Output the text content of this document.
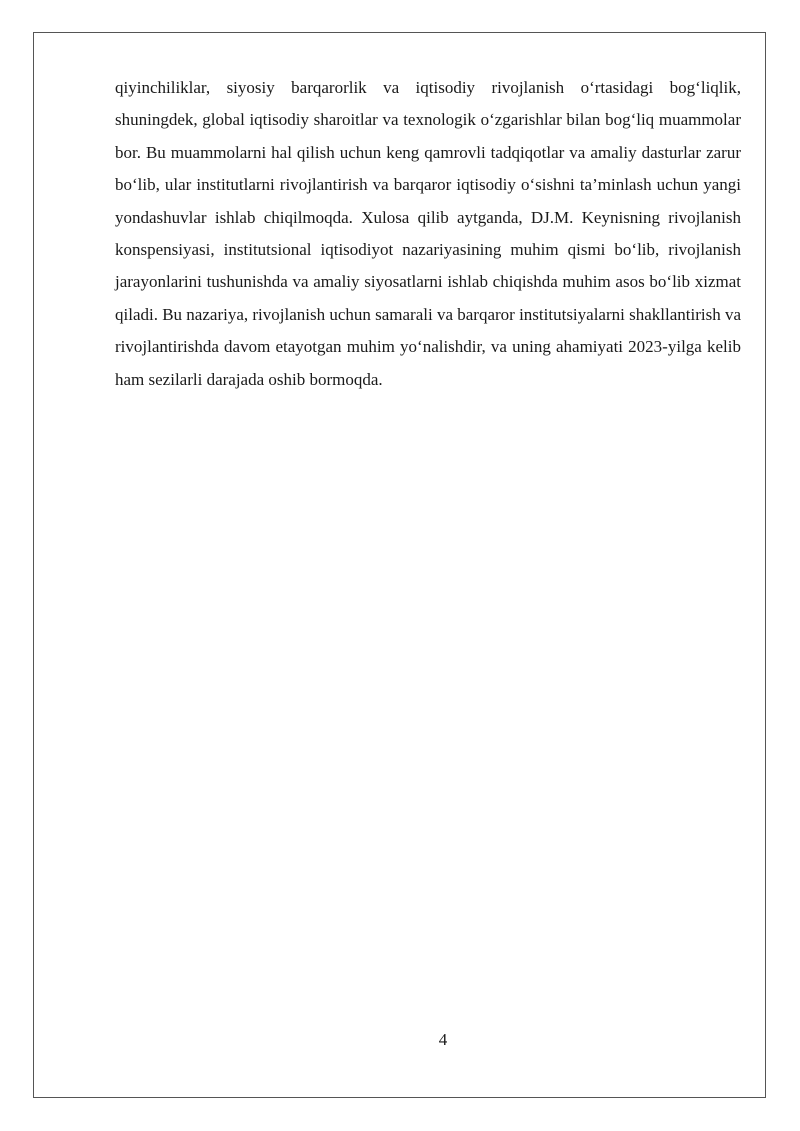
qiyinchiliklar, siyosiy barqarorlik va iqtisodiy rivojlanish o‘rtasidagi bog‘liqlik, shuningdek, global iqtisodiy sharoitlar va texnologik o‘zgarishlar bilan bog‘liq muammolar bor. Bu muammolarni hal qilish uchun keng qamrovli tadqiqotlar va amaliy dasturlar zarur bo‘lib, ular institutlarni rivojlantirish va barqaror iqtisodiy o‘sishni ta’minlash uchun yangi yondashuvlar ishlab chiqilmoqda. Xulosa qilib aytganda, DJ.M. Keynisning rivojlanish konspensiyasi, institutsional iqtisodiyot nazariyasining muhim qismi bo‘lib, rivojlanish jarayonlarini tushunishda va amaliy siyosatlarni ishlab chiqishda muhim asos bo‘lib xizmat qiladi. Bu nazariya, rivojlanish uchun samarali va barqaror institutsiyalarni shakllantirish va rivojlantirishda davom etayotgan muhim yo‘nalishdir, va uning ahamiyati 2023-yilga kelib ham sezilarli darajada oshib bormoqda.

4
